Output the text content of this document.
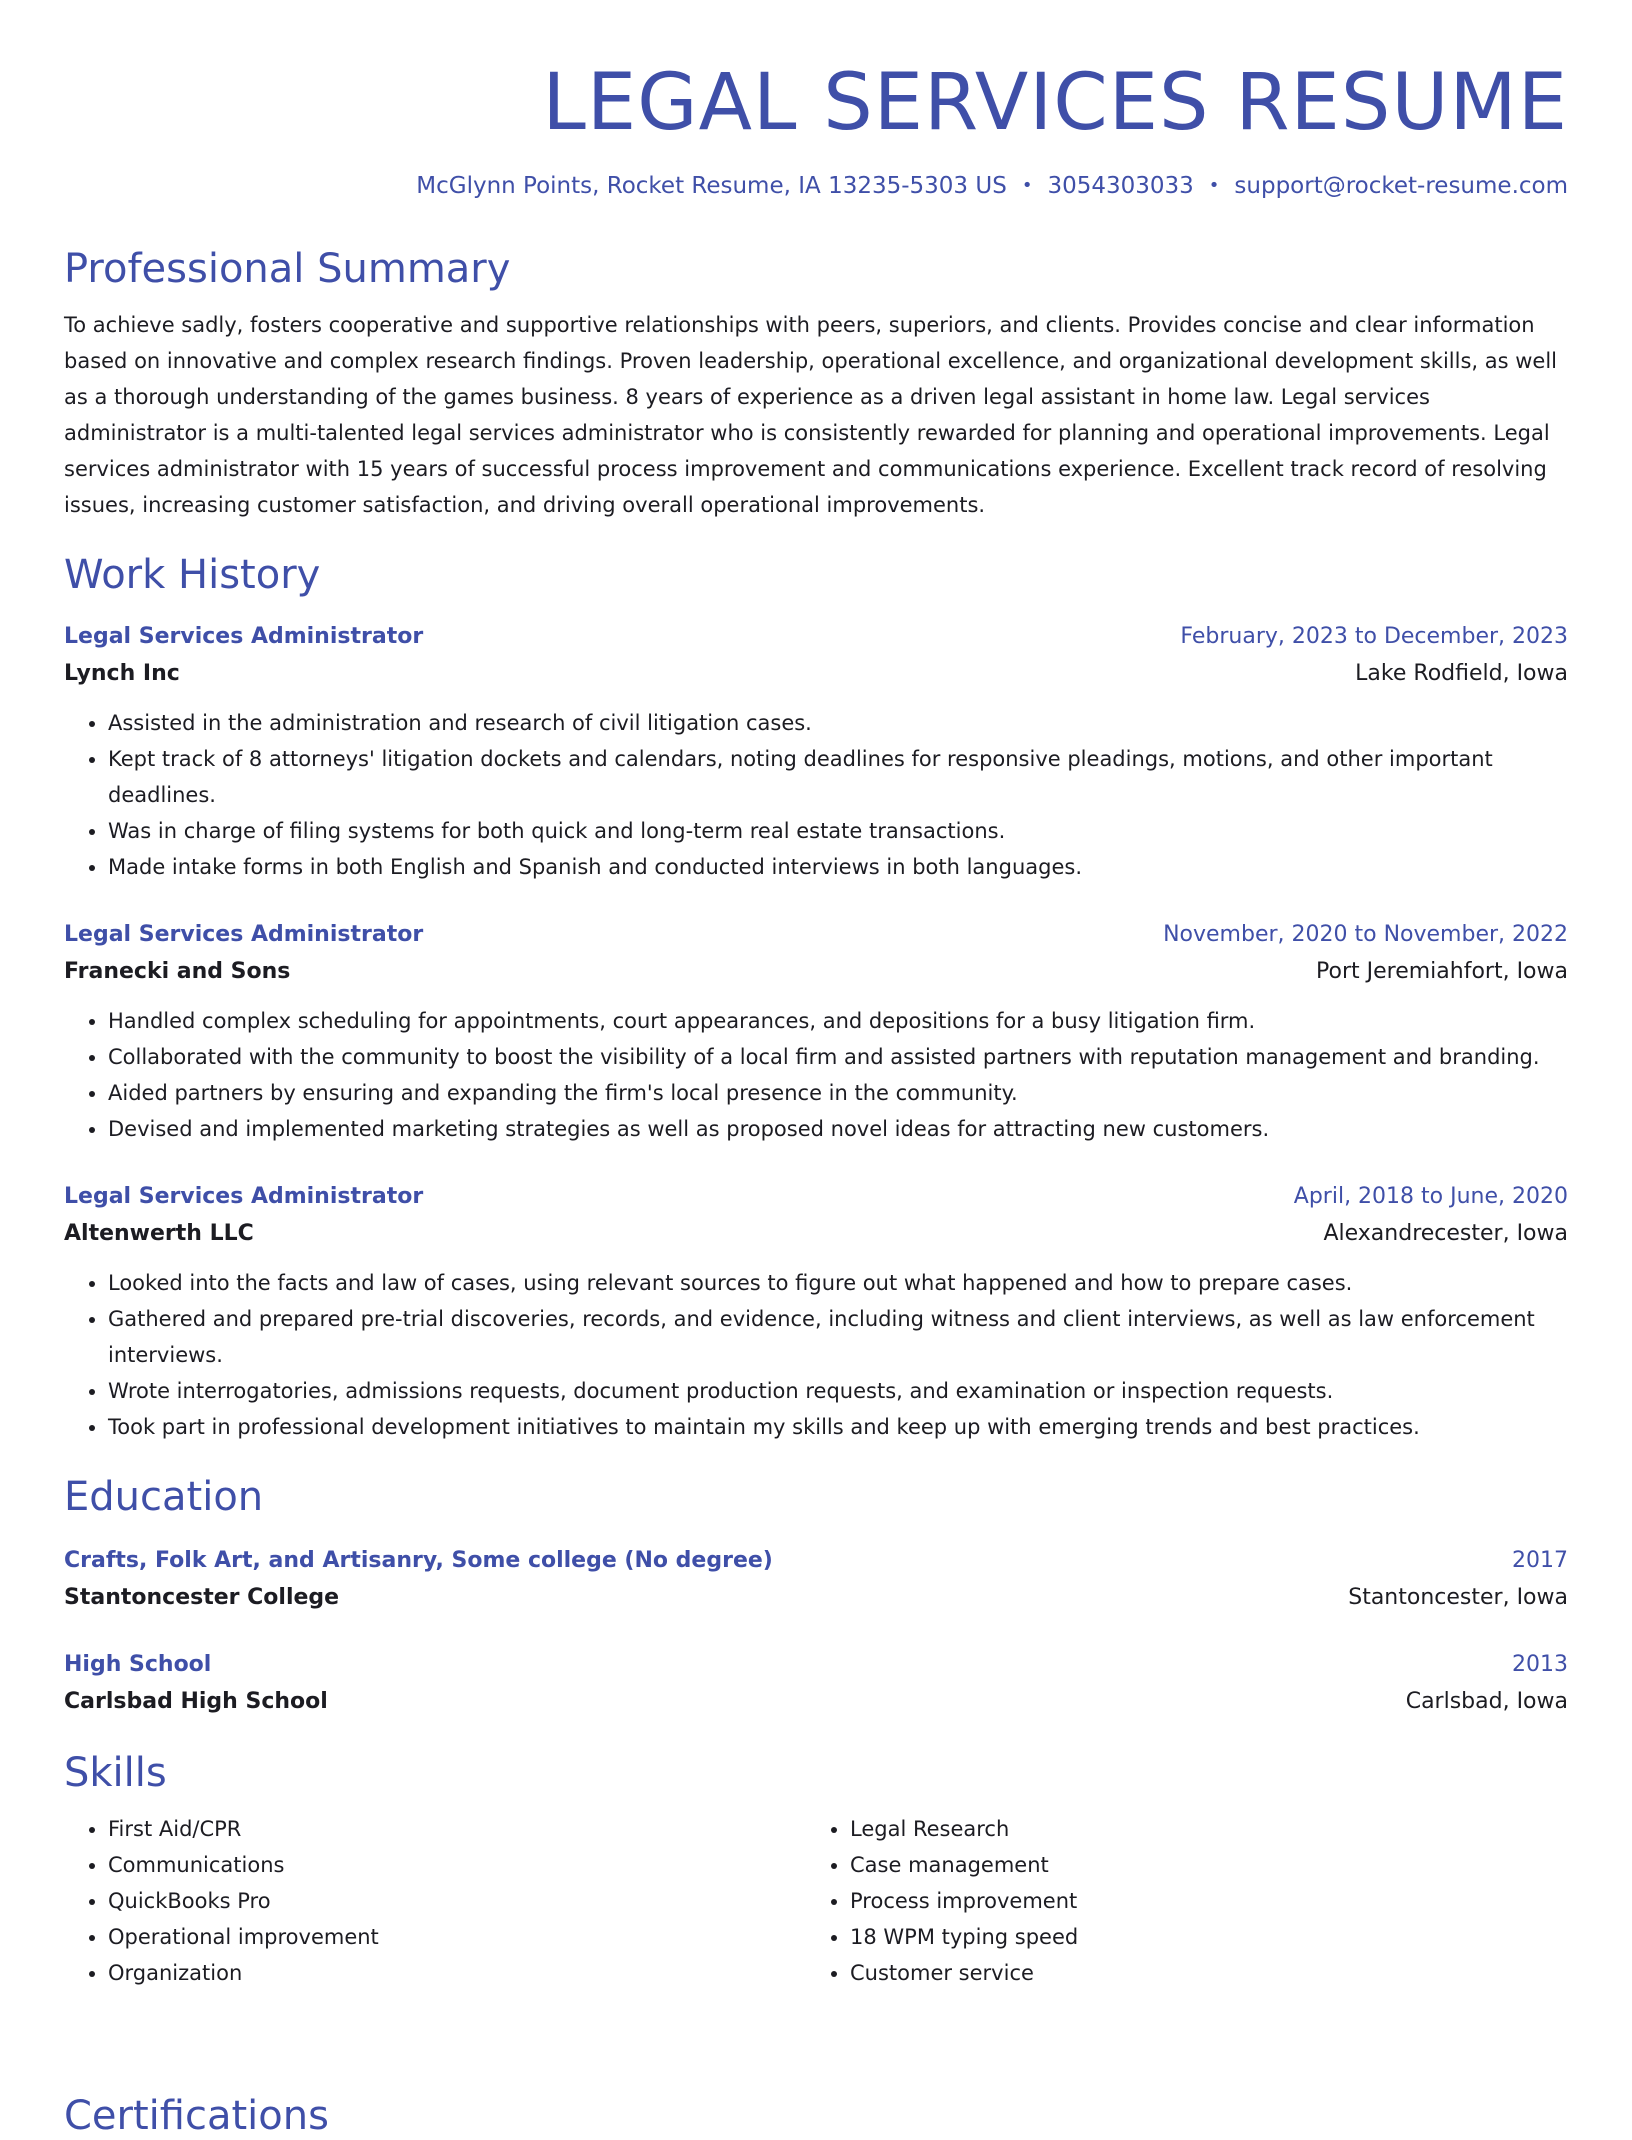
LEGAL SERVICES RESUME
McGlynn Points, Rocket Resume, IA 13235-5303 US • 3054303033 • support@rocket-resume.com
Professional Summary
To achieve sadly, fosters cooperative and supportive relationships with peers, superiors, and clients. Provides concise and clear information based on innovative and complex research findings. Proven leadership, operational excellence, and organizational development skills, as well as a thorough understanding of the games business. 8 years of experience as a driven legal assistant in home law. Legal services administrator is a multi-talented legal services administrator who is consistently rewarded for planning and operational improvements. Legal services administrator with 15 years of successful process improvement and communications experience. Excellent track record of resolving issues, increasing customer satisfaction, and driving overall operational improvements.
Work History
Legal Services Administrator	February, 2023 to December, 2023
Lynch Inc	Lake Rodfield, Iowa
• Assisted in the administration and research of civil litigation cases.
• Kept track of 8 attorneys' litigation dockets and calendars, noting deadlines for responsive pleadings, motions, and other important deadlines.
• Was in charge of filing systems for both quick and long-term real estate transactions.
• Made intake forms in both English and Spanish and conducted interviews in both languages.
Legal Services Administrator	November, 2020 to November, 2022
Franecki and Sons	Port Jeremiahfort, Iowa
• Handled complex scheduling for appointments, court appearances, and depositions for a busy litigation firm.
• Collaborated with the community to boost the visibility of a local firm and assisted partners with reputation management and branding.
• Aided partners by ensuring and expanding the firm's local presence in the community.
• Devised and implemented marketing strategies as well as proposed novel ideas for attracting new customers.
Legal Services Administrator	April, 2018 to June, 2020
Altenwerth LLC	Alexandrecester, Iowa
• Looked into the facts and law of cases, using relevant sources to figure out what happened and how to prepare cases.
• Gathered and prepared pre-trial discoveries, records, and evidence, including witness and client interviews, as well as law enforcement interviews.
• Wrote interrogatories, admissions requests, document production requests, and examination or inspection requests.
• Took part in professional development initiatives to maintain my skills and keep up with emerging trends and best practices.
Education
Crafts, Folk Art, and Artisanry, Some college (No degree)	2017
Stantoncester College	Stantoncester, Iowa
High School	2013
Carlsbad High School	Carlsbad, Iowa
Skills
• First Aid/CPR
• Communications
• QuickBooks Pro
• Operational improvement
• Organization
• Legal Research
• Case management
• Process improvement
• 18 WPM typing speed
• Customer service
Certifications
